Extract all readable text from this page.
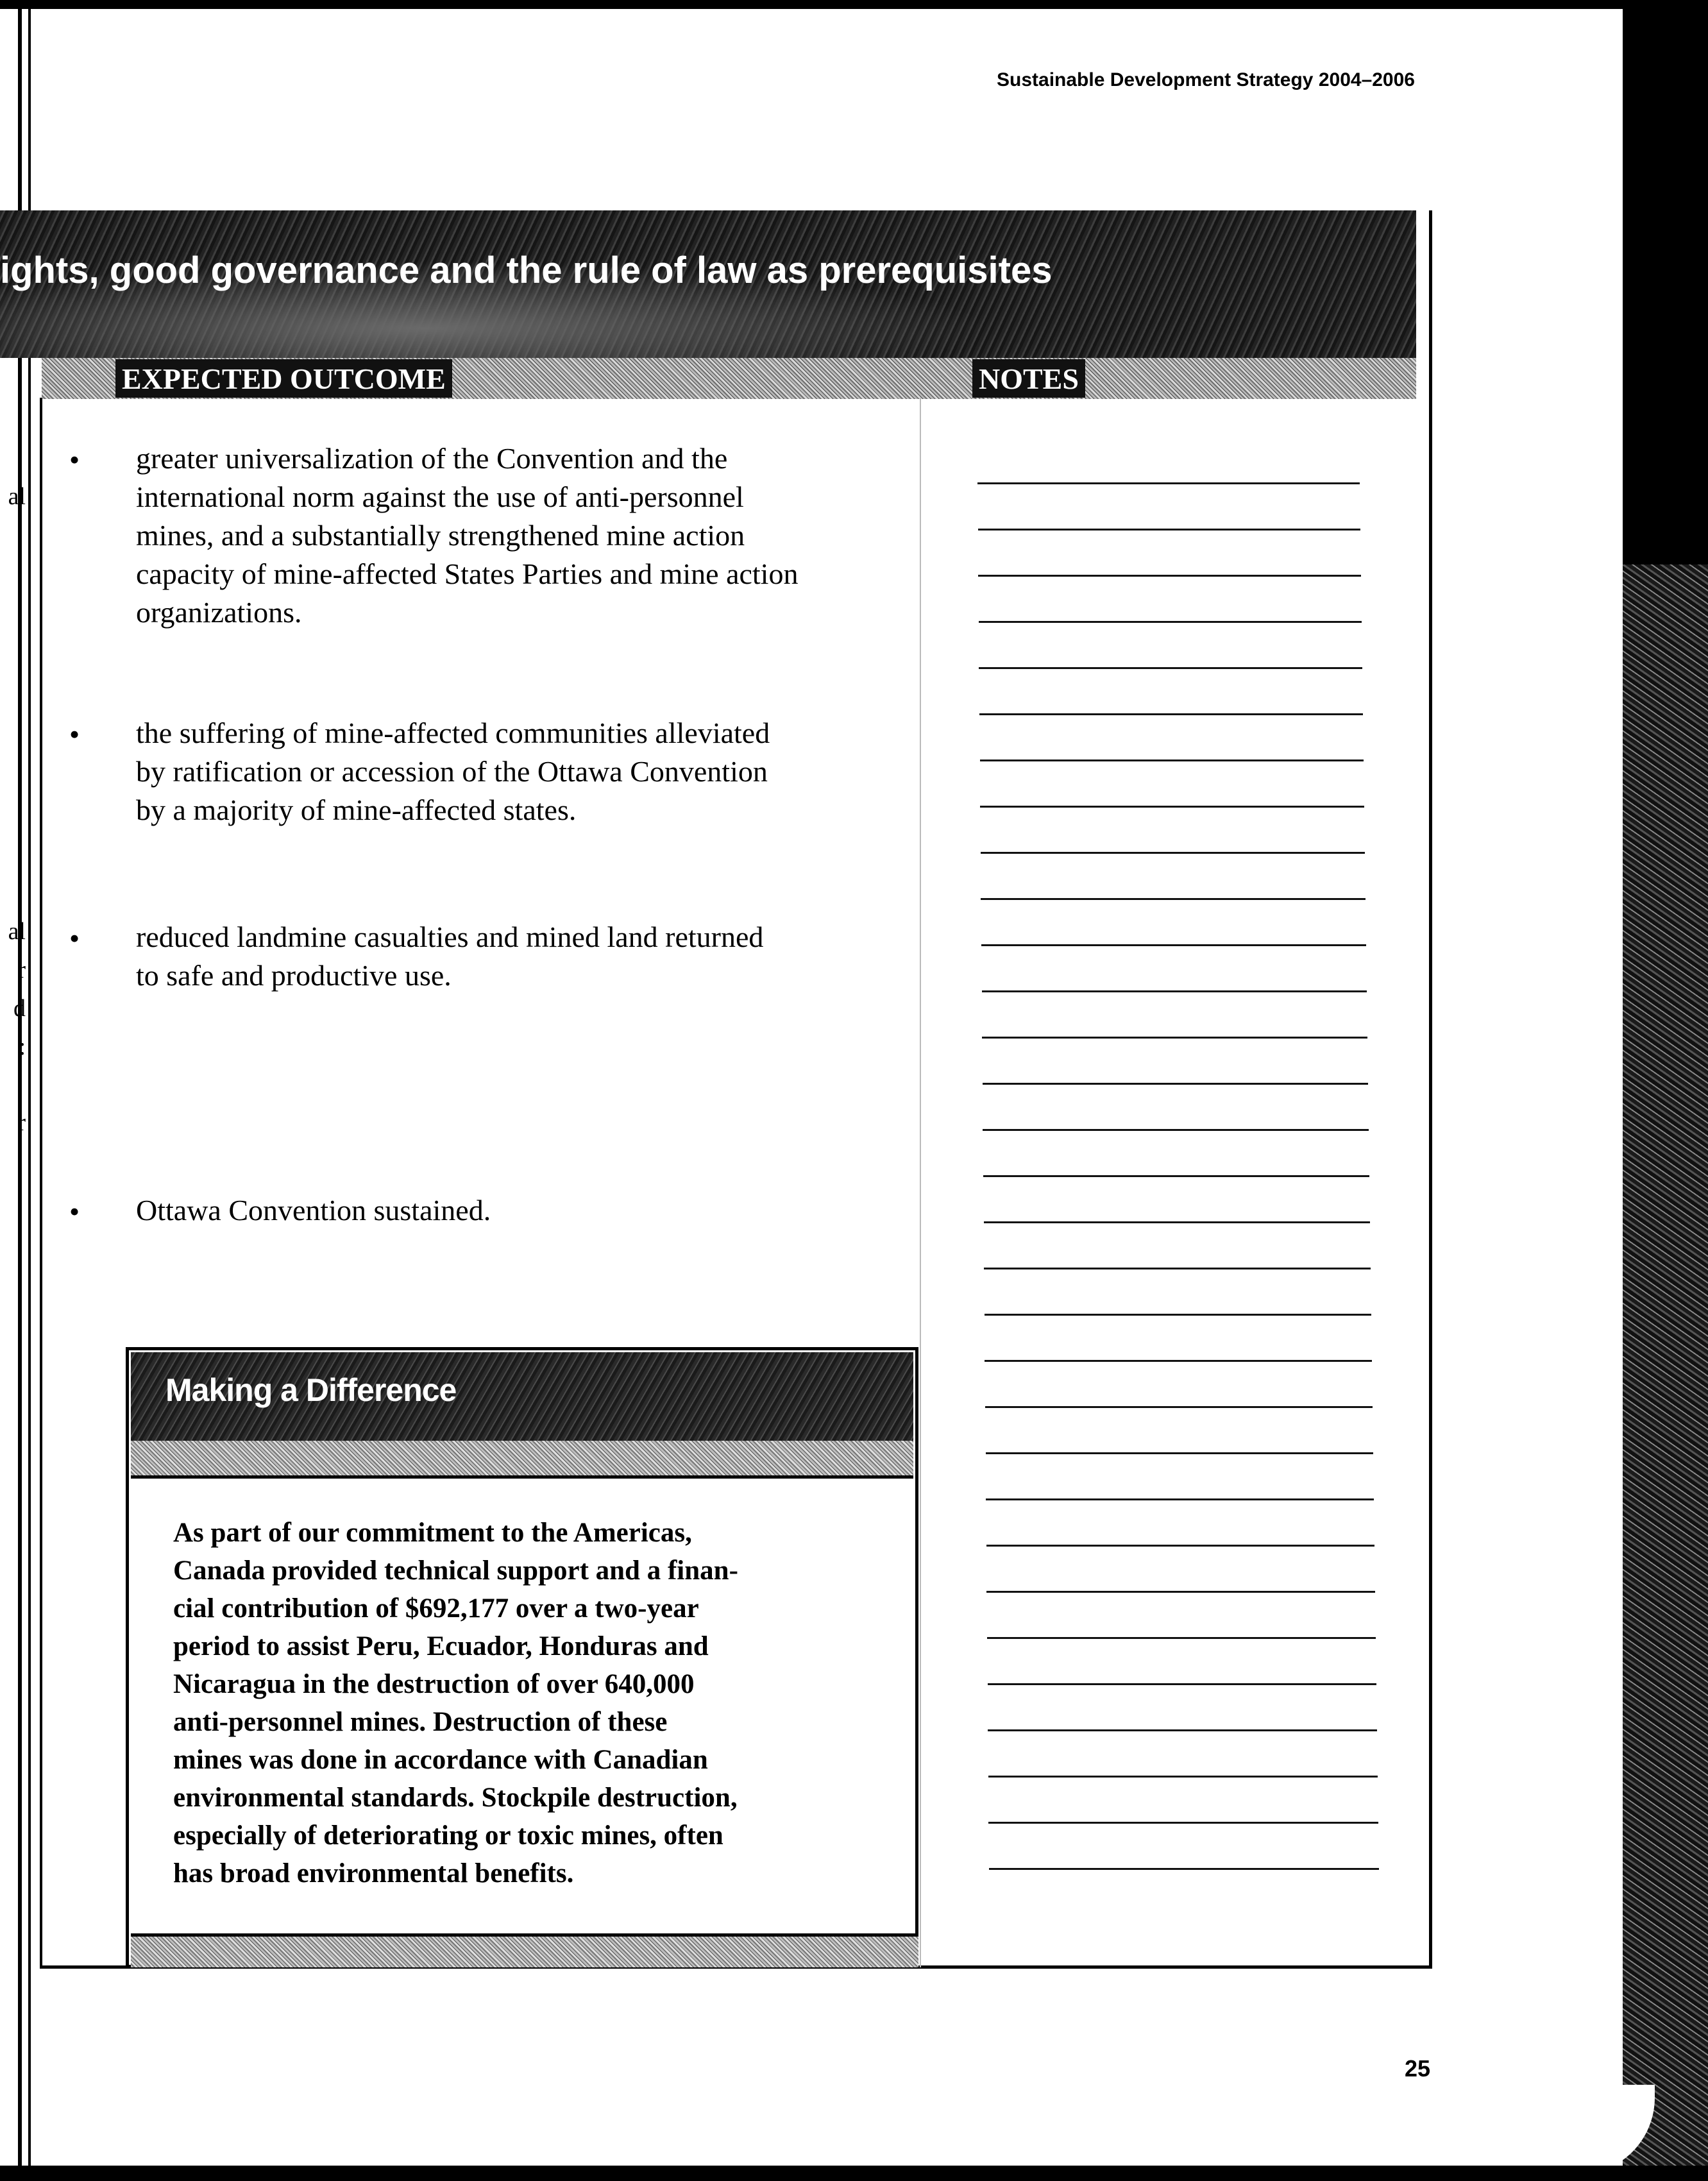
al
al
r
d
:
r
Sustainable Development Strategy 2004–2006
ights, good governance and the rule of law as prerequisites
EXPECTED OUTCOME	NOTES
• greater universalization of the Convention and the
international norm against the use of anti-personnel
mines, and a substantially strengthened mine action
capacity of mine-affected States Parties and mine action
organizations.
• the suffering of mine-affected communities alleviated
by ratification or accession of the Ottawa Convention
by a majority of mine-affected states.
• reduced landmine casualties and mined land returned
to safe and productive use.
• Ottawa Convention sustained.
Making a Difference
As part of our commitment to the Americas,
Canada provided technical support and a finan-
cial contribution of $692,177 over a two-year
period to assist Peru, Ecuador, Honduras and
Nicaragua in the destruction of over 640,000
anti-personnel mines. Destruction of these
mines was done in accordance with Canadian
environmental standards. Stockpile destruction,
especially of deteriorating or toxic mines, often
has broad environmental benefits.
25
